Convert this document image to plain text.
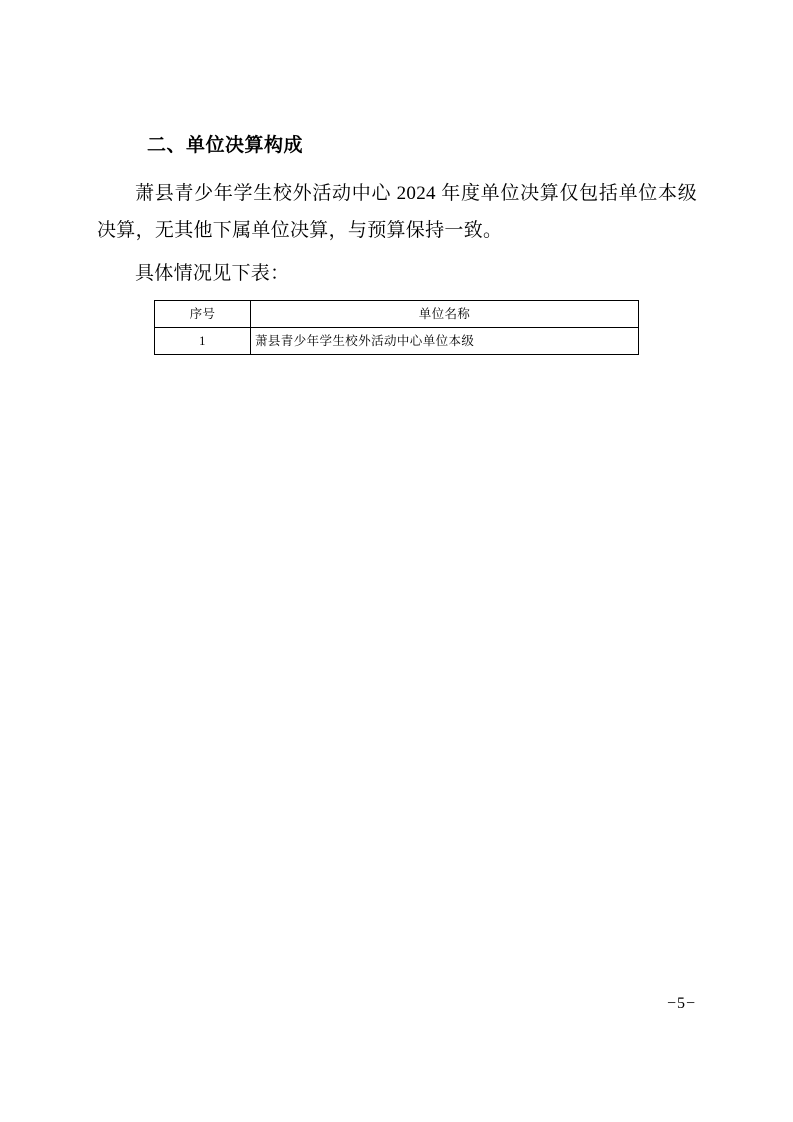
二、单位决算构成

萧县青少年学生校外活动中心 2024 年度单位决算仅包括单位本级决算，无其他下属单位决算，与预算保持一致。

具体情况见下表：

序号	单位名称
1	萧县青少年学生校外活动中心单位本级
−5−
